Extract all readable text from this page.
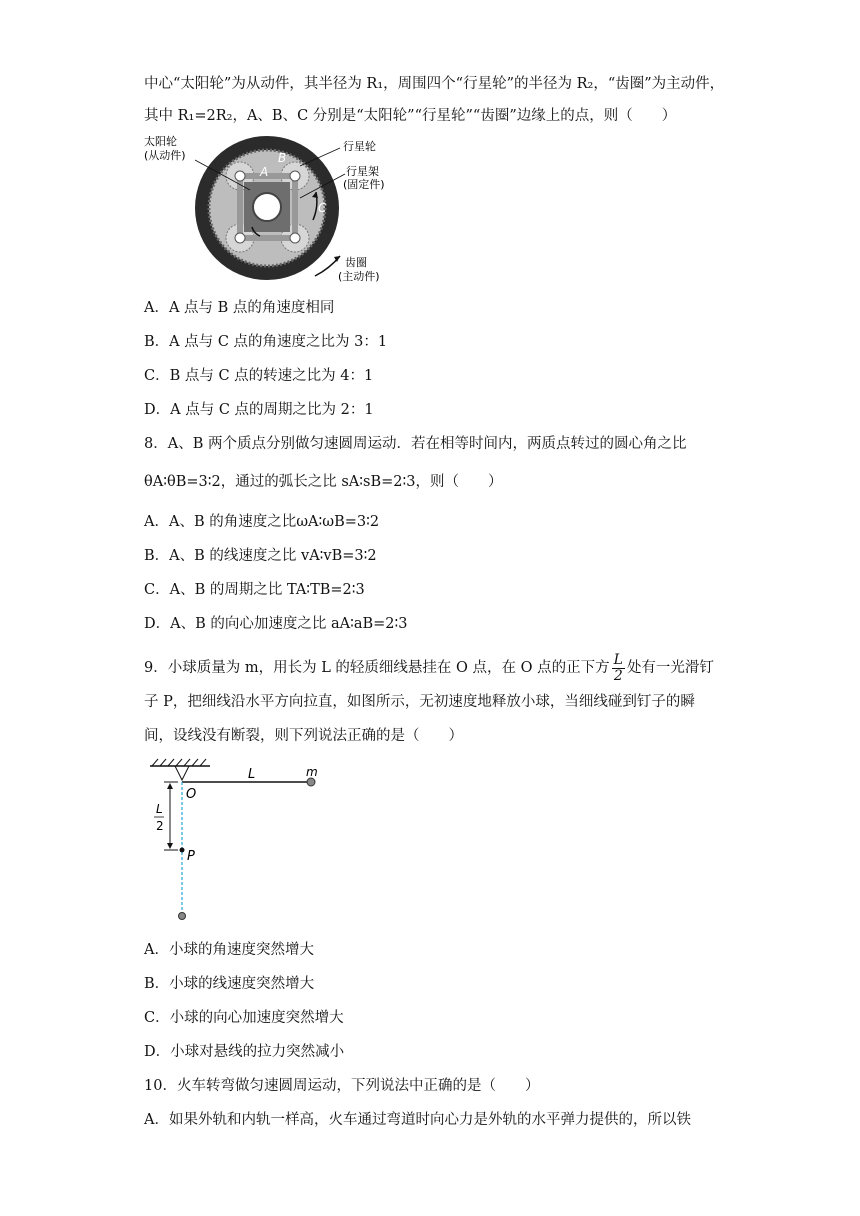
中心“太阳轮”为从动件，其半径为 R₁，周围四个“行星轮”的半径为 R₂，“齿圈”为主动件，
其中 R₁=2R₂，A、B、C 分别是“太阳轮”“行星轮”“齿圈”边缘上的点，则（　　）
太阳轮
(从动件)
行星轮
行星架
(固定件)
齿圈
(主动件)
A
B
C
A．A 点与 B 点的角速度相同
B．A 点与 C 点的角速度之比为 3：1
C．B 点与 C 点的转速之比为 4：1
D．A 点与 C 点的周期之比为 2：1
8．A、B 两个质点分别做匀速圆周运动．若在相等时间内，两质点转过的圆心角之比
θA∶θB=3∶2，通过的弧长之比 sA∶sB=2∶3，则（　　）
A．A、B 的角速度之比ωA∶ωB=3∶2
B．A、B 的线速度之比 vA∶vB=3∶2
C．A、B 的周期之比 TA∶TB=2∶3
D．A、B 的向心加速度之比 aA∶aB=2∶3
9．小球质量为 m，用长为 L 的轻质细线悬挂在 O 点，在 O 点的正下方 $\frac{L}{2}$ 处有一光滑钉
子 P，把细线沿水平方向拉直，如图所示，无初速度地释放小球，当细线碰到钉子的瞬
间，设线没有断裂，则下列说法正确的是（　　）
L	m
O
P
L
2
A．小球的角速度突然增大
B．小球的线速度突然增大
C．小球的向心加速度突然增大
D．小球对悬线的拉力突然减小
10．火车转弯做匀速圆周运动，下列说法中正确的是（　　）
A．如果外轨和内轨一样高，火车通过弯道时向心力是外轨的水平弹力提供的，所以铁
